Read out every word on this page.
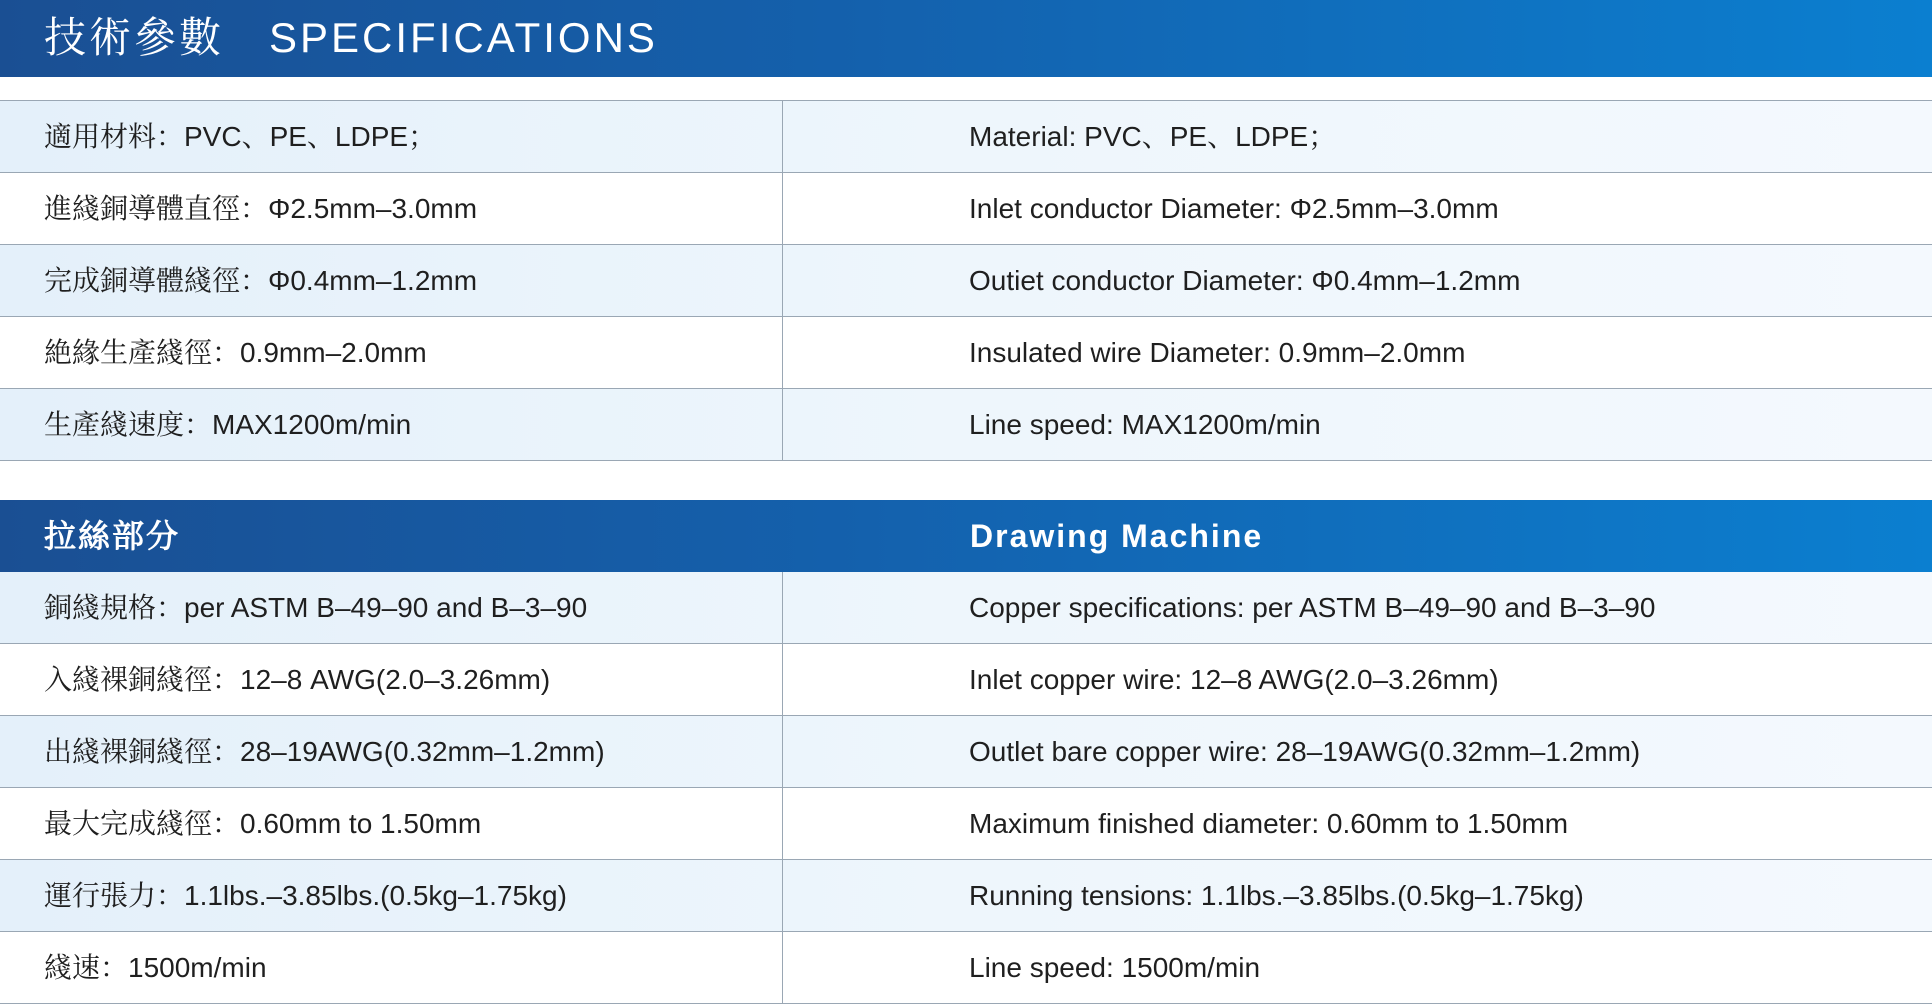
技術參數　SPECIFICATIONS
適用材料：PVC、PE、LDPE；	Material: PVC、PE、LDPE；
進綫銅導體直徑：Φ2.5mm–3.0mm	Inlet conductor Diameter: Φ2.5mm–3.0mm
完成銅導體綫徑：Φ0.4mm–1.2mm	Outiet conductor Diameter: Φ0.4mm–1.2mm
絶緣生產綫徑：0.9mm–2.0mm	Insulated wire Diameter: 0.9mm–2.0mm
生產綫速度：MAX1200m/min	Line speed: MAX1200m/min
拉絲部分	Drawing Machine
銅綫規格：per ASTM B–49–90 and B–3–90	Copper specifications: per ASTM B–49–90 and B–3–90
入綫裸銅綫徑：12–8 AWG(2.0–3.26mm)	Inlet copper wire: 12–8 AWG(2.0–3.26mm)
出綫裸銅綫徑：28–19AWG(0.32mm–1.2mm)	Outlet bare copper wire: 28–19AWG(0.32mm–1.2mm)
最大完成綫徑：0.60mm to 1.50mm	Maximum finished diameter: 0.60mm to 1.50mm
運行張力：1.1lbs.–3.85lbs.(0.5kg–1.75kg)	Running tensions: 1.1lbs.–3.85lbs.(0.5kg–1.75kg)
綫速：1500m/min	Line speed: 1500m/min
